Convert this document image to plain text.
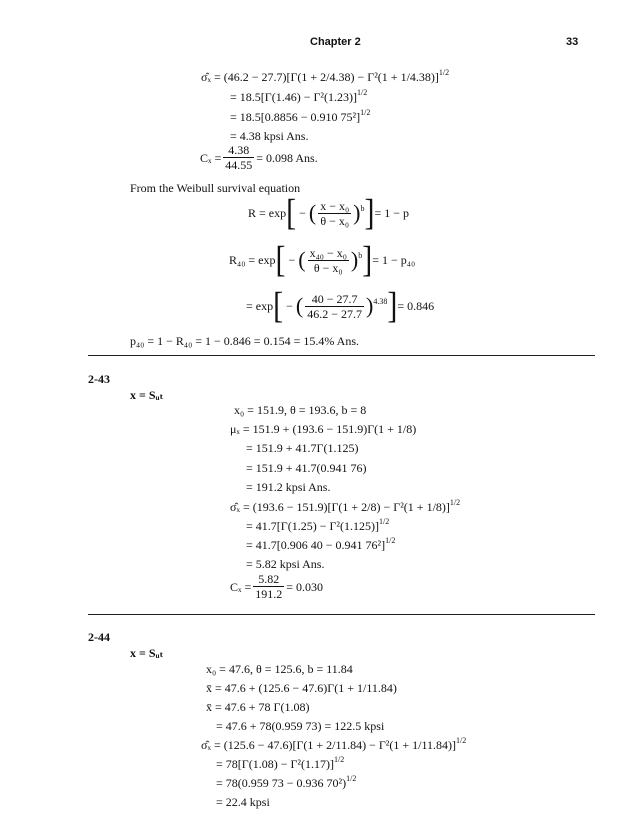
Chapter 2	33
σ̂ₓ = $(46.2 - 27.7)[\Gamma(1 + 2/4.38) - \Gamma^2(1 + 1/4.38)]^{1/2}$
= $18.5[\Gamma(1.46) - \Gamma^2(1.23)]^{1/2}$
= 18.5[0.8856 − 0.910 75²]$^{1/2}$
= 4.38 kpsi Ans.
$C_x = \frac{4.38}{44.55} = 0.098$ Ans.
From the Weibull survival equation
R = exp [ − ( $\frac{\text{x − x₀}}{\text{θ − x₀}}$ ) b ] = 1 − p
R₄₀ = exp [ − ( $\frac{\text{x₄₀ − x₀}}{\text{θ − x₀}}$ ) b ] = 1 − p₄₀
= exp [ − ( $\frac{40 - 27.7}{46.2 - 27.7}$ ) 4.38 ] = 0.846
p₄₀ = 1 − R₄₀ = 1 − 0.846 = 0.154 = 15.4% Ans.
2-43
x = Sᵤₜ
x₀ = 151.9, θ = 193.6, b = 8
μₓ = 151.9 + (193.6 − 151.9)Γ(1 + 1/8)
= 151.9 + 41.7Γ(1.125)
= 151.9 + 41.7(0.941 76)
= 191.2 kpsi Ans.
σ̂ₓ = $(193.6 - 151.9)[\Gamma(1 + 2/8) - \Gamma^2(1 + 1/8)]^{1/2}$
= $41.7[\Gamma(1.25) - \Gamma^2(1.125)]^{1/2}$
= 41.7[0.906 40 − 0.941 76²]$^{1/2}$
= 5.82 kpsi Ans.
$C_x = \frac{5.82}{191.2} = 0.030$
2-44
x = Sᵤₜ
x₀ = 47.6, θ = 125.6, b = 11.84
x̄ = 47.6 + (125.6 − 47.6)Γ(1 + 1/11.84)
x̄ = 47.6 + 78 Γ(1.08)
= 47.6 + 78(0.959 73) = 122.5 kpsi
σ̂ₓ = $(125.6 - 47.6)[\Gamma(1 + 2/11.84) - \Gamma^2(1 + 1/11.84)]^{1/2}$
= $78[\Gamma(1.08) - \Gamma^2(1.17)]^{1/2}$
= 78(0.959 73 − 0.936 70²)$^{1/2}$
= 22.4 kpsi
